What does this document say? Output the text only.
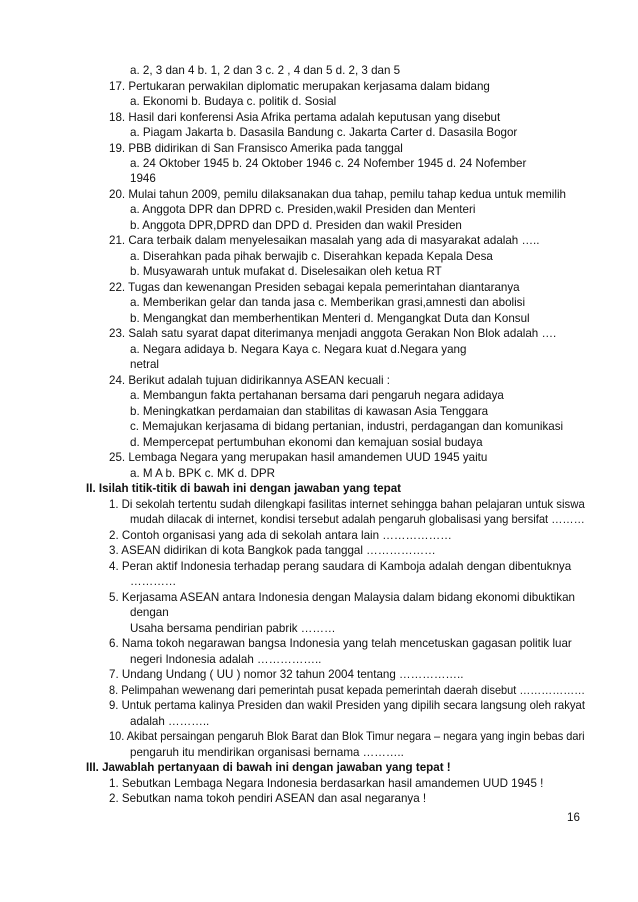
a. 2, 3 dan 4 b. 1, 2 dan 3 c. 2 , 4 dan 5 d. 2, 3 dan 5
17. Pertukaran perwakilan diplomatic merupakan kerjasama dalam bidang
a. Ekonomi b. Budaya c. politik d. Sosial
18. Hasil dari konferensi Asia Afrika pertama adalah keputusan yang disebut
a. Piagam Jakarta b. Dasasila Bandung c. Jakarta Carter d. Dasasila Bogor
19. PBB didirikan di San Fransisco Amerika pada tanggal
a. 24 Oktober 1945 b. 24 Oktober 1946 c. 24 Nofember 1945 d. 24 Nofember
1946
20. Mulai tahun 2009, pemilu dilaksanakan dua tahap, pemilu tahap kedua untuk memilih
a. Anggota DPR dan DPRD c. Presiden,wakil Presiden dan Menteri
b. Anggota DPR,DPRD dan DPD d. Presiden dan wakil Presiden
21. Cara terbaik dalam menyelesaikan masalah yang ada di masyarakat adalah …..
a. Diserahkan pada pihak berwajib c. Diserahkan kepada Kepala Desa
b. Musyawarah untuk mufakat d. Diselesaikan oleh ketua RT
22. Tugas dan kewenangan Presiden sebagai kepala pemerintahan diantaranya
a. Memberikan gelar dan tanda jasa c. Memberikan grasi,amnesti dan abolisi
b. Mengangkat dan memberhentikan Menteri d. Mengangkat Duta dan Konsul
23. Salah satu syarat dapat diterimanya menjadi anggota Gerakan Non Blok adalah ….
a. Negara adidaya b. Negara Kaya c. Negara kuat d.Negara yang
netral
24. Berikut adalah tujuan didirikannya ASEAN kecuali :
a. Membangun fakta pertahanan bersama dari pengaruh negara adidaya
b. Meningkatkan perdamaian dan stabilitas di kawasan Asia Tenggara
c. Memajukan kerjasama di bidang pertanian, industri, perdagangan dan komunikasi
d. Mempercepat pertumbuhan ekonomi dan kemajuan sosial budaya
25. Lembaga Negara yang merupakan hasil amandemen UUD 1945 yaitu
a. M A b. BPK c. MK d. DPR
II. Isilah titik-titik di bawah ini dengan jawaban yang tepat
1. Di sekolah tertentu sudah dilengkapi fasilitas internet sehingga bahan pelajaran untuk siswa
mudah dilacak di internet, kondisi tersebut adalah pengaruh globalisasi yang bersifat ………
2. Contoh organisasi yang ada di sekolah antara lain ………………
3. ASEAN didirikan di kota Bangkok pada tanggal ………………
4. Peran aktif Indonesia terhadap perang saudara di Kamboja adalah dengan dibentuknya
…………
5. Kerjasama ASEAN antara Indonesia dengan Malaysia dalam bidang ekonomi dibuktikan
dengan
Usaha bersama pendirian pabrik ………
6. Nama tokoh negarawan bangsa Indonesia yang telah mencetuskan gagasan politik luar
negeri Indonesia adalah ……………..
7. Undang Undang ( UU ) nomor 32 tahun 2004 tentang ……………..
8. Pelimpahan wewenang dari pemerintah pusat kepada pemerintah daerah disebut ………………
9. Untuk pertama kalinya Presiden dan wakil Presiden yang dipilih secara langsung oleh rakyat
adalah ………..
10. Akibat persaingan pengaruh Blok Barat dan Blok Timur negara – negara yang ingin bebas dari
pengaruh itu mendirikan organisasi bernama ………..
III. Jawablah pertanyaan di bawah ini dengan jawaban yang tepat !
1. Sebutkan Lembaga Negara Indonesia berdasarkan hasil amandemen UUD 1945 !
2. Sebutkan nama tokoh pendiri ASEAN dan asal negaranya !
16
